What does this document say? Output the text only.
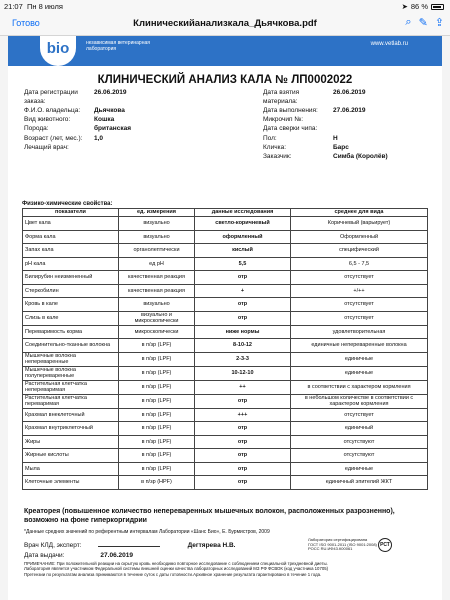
21:07 Пн 8 июля	➤ 86 %
Готово	Клиническийанализкала_Дьячкова.pdf	⌕ ✎ ⇪
bio	независимая ветеринарная лаборатория
www.vetlab.ru
КЛИНИЧЕСКИЙ АНАЛИЗ КАЛА № ЛП0002022
Дата регистрации заказа:
26.06.2019
Ф.И.О. владельца:	Дьячкова
Вид животного:	Кошка
Порода:	британская
Возраст (лет, мес.):	1,0
Лечащий врач:
Дата взятия материала:
26.06.2019
Дата выполнения:	27.06.2019
Микрочип №:
Дата сверки чипа:
Пол:	Н
Кличка:	Барс
Заказчик:	Симба (Королёв)
Физико-химические свойства:
показатели	ед. измерения	данные исследования	среднее для вида
Цвет кала	визуально	светло-коричневый	Коричневый (варьирует)
Форма кала	визуально	оформленный	Оформленный
Запах кала	органолептически	кислый	специфический
pH кала	ед pH	5,5	6,5 - 7,5
Билирубин неизмененный	качественная реакция	отр	отсутствует
Стеркобилин	качественная реакция	+	+/++
Кровь в кале	визуально	отр	отсутствует
Слизь в кале	визуально и микроскопически	отр	отсутствует
Переваримость корма	микроскопически	ниже нормы	удовлетворительная
Соединительно-тканные волокна	в п/зр (LPF)	8-10-12	единичные непереваренные волокна
Мышечные волокна непереваренные	в п/зр (LPF)	2-3-3	единичные
Мышечные волокна полупереваренные	в п/зр (LPF)	10-12-10	единичные
Растительная клетчатка непереваримая	в п/зр (LPF)	++	в соответствии с характером кормления
Растительная клетчатка переваримая	в п/зр (LPF)	отр	в небольшом количестве в соответствии с характером кормления
Крахмал внеклеточный	в п/зр (LPF)	+++	отсутствует
Крахмал внутриклеточный	в п/зр (LPF)	отр	единичный
Жиры	в п/зр (LPF)	отр	отсутствуют
Жирные кислоты	в п/зр (LPF)	отр	отсутствуют
Мыла	в п/зр (LPF)	отр	единичные
Клеточные элементы	в п/зр (HPF)	отр	единичный эпителий ЖКТ
Креаторея (повышенное количество непереваренных мышечных волокон, расположенных разрозненно), возможно на фоне гиперкоргидрии
*Данные средних значений по референтным интервалам Лаборатории «Шанс Био», Е. Бурмистров, 2009
Врач КЛД, эксперт:	Дегтярева Н.В.
Дата выдачи:	27.06.2019
Лаборатория сертифицирована ГОСТ ISO 9001-2011 (ISO 9001:2008) РОСС RU.ИФ43.К00061
РСТ
ПРИМЕЧАНИЕ: При положительной реакции на скрытую кровь необходимо повторное исследование с соблюдением специальной трехдневной диеты.
Лаборатория является участником Федеральной системы внешней оценки качества лабораторных исследований МЗ РФ ФСВОК (код участника 10705)
Претензии по результатам анализа принимаются в течение суток с даты готовности.Архивное хранение результата гарантировано в течение 1 года.
